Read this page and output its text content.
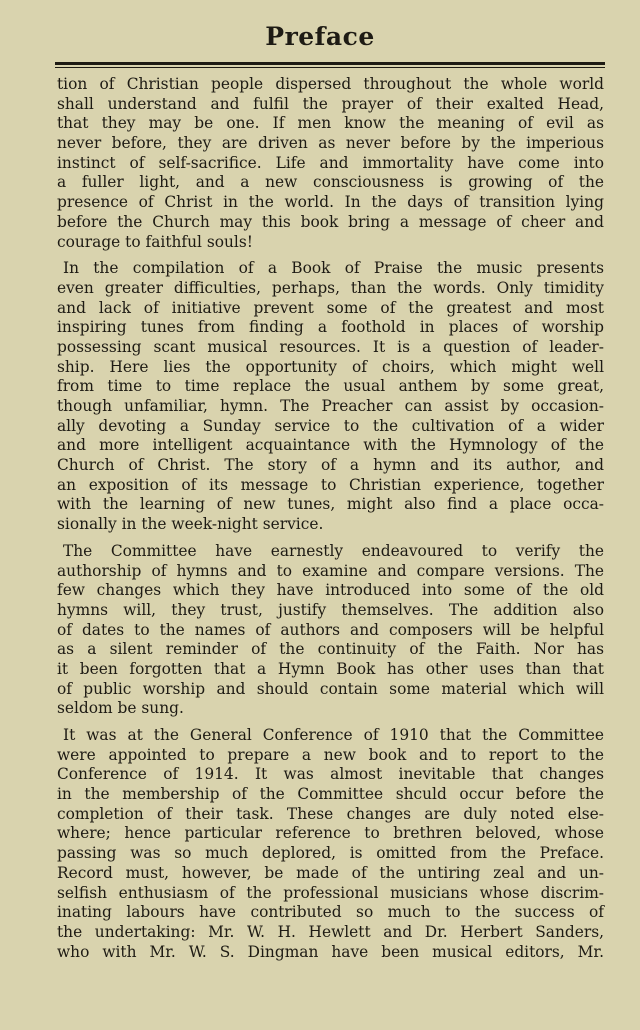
Preface
tion of Christian people dispersed throughout the whole world
shall understand and fulfil the prayer of their exalted Head,
that they may be one. If men know the meaning of evil as
never before, they are driven as never before by the imperious
instinct of self-sacrifice. Life and immortality have come into
a fuller light, and a new consciousness is growing of the
presence of Christ in the world. In the days of transition lying
before the Church may this book bring a message of cheer and
courage to faithful souls!
In the compilation of a Book of Praise the music presents
even greater difficulties, perhaps, than the words. Only timidity
and lack of initiative prevent some of the greatest and most
inspiring tunes from finding a foothold in places of worship
possessing scant musical resources. It is a question of leader-
ship. Here lies the opportunity of choirs, which might well
from time to time replace the usual anthem by some great,
though unfamiliar, hymn. The Preacher can assist by occasion-
ally devoting a Sunday service to the cultivation of a wider
and more intelligent acquaintance with the Hymnology of the
Church of Christ. The story of a hymn and its author, and
an exposition of its message to Christian experience, together
with the learning of new tunes, might also find a place occa-
sionally in the week-night service.
The Committee have earnestly endeavoured to verify the
authorship of hymns and to examine and compare versions. The
few changes which they have introduced into some of the old
hymns will, they trust, justify themselves. The addition also
of dates to the names of authors and composers will be helpful
as a silent reminder of the continuity of the Faith. Nor has
it been forgotten that a Hymn Book has other uses than that
of public worship and should contain some material which will
seldom be sung.
It was at the General Conference of 1910 that the Committee
were appointed to prepare a new book and to report to the
Conference of 1914. It was almost inevitable that changes
in the membership of the Committee shculd occur before the
completion of their task. These changes are duly noted else-
where; hence particular reference to brethren beloved, whose
passing was so much deplored, is omitted from the Preface.
Record must, however, be made of the untiring zeal and un-
selfish enthusiasm of the professional musicians whose discrim-
inating labours have contributed so much to the success of
the undertaking: Mr. W. H. Hewlett and Dr. Herbert Sanders,
who with Mr. W. S. Dingman have been musical editors, Mr.
